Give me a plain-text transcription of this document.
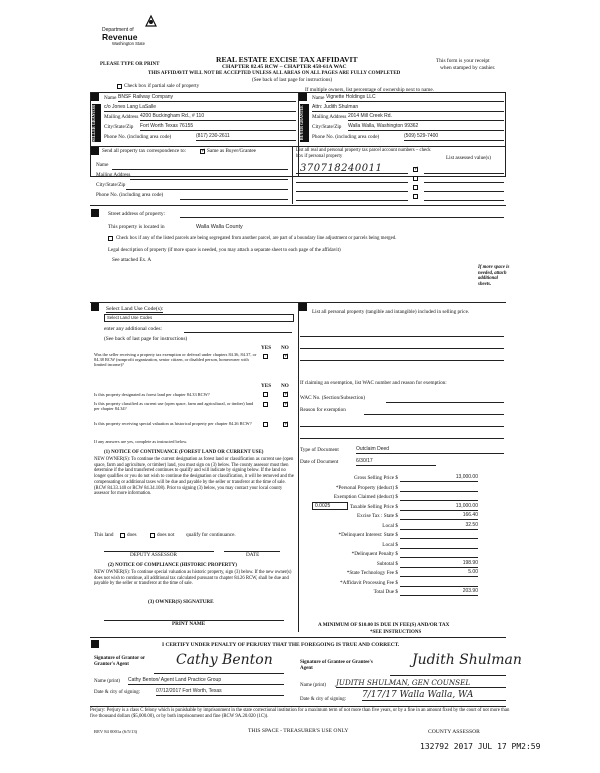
Department of
Revenue
Washington State
PLEASE TYPE OR PRINT
REAL ESTATE EXCISE TAX AFFIDAVIT
CHAPTER 82.45 RCW – CHAPTER 458-61A WAC
THIS AFFIDAVIT WILL NOT BE ACCEPTED UNLESS ALL AREAS ON ALL PAGES ARE FULLY COMPLETED
(See back of last page for instructions)
This form is your receipt
when stamped by cashier.
Check box if partial sale of property
If multiple owners, list percentage of ownership next to name.
SELLER GRANTOR	BUYER GRANTEE
Name BNSF Railway Company
c/o Jones Lang LaSalle
Mailing Address 4200 Buckingham Rd., # 110
City/State/Zip Fort Worth Texas 76155
Phone No. (including area code)	(817) 230-2611
Name Vignette Holdings LLC
Attn: Judith Shulman
Mailing Address 2014 Mill Creek Rd.
City/State/Zip Walla Walla, Washington 99362
Phone No. (including area code)	(509) 529-7400
Send all property tax correspondence to:
✓	Same as Buyer/Grantee
Name
Mailing Address
City/State/Zip
Phone No. (including area code)
List all real and personal property tax parcel account numbers – check box if personal property	List assessed value(s)
370718240011
✓
Street address of property:
This property is located in	Walla Walla County
Check box if any of the listed parcels are being segregated from another parcel, are part of a boundary line adjustment or parcels being merged.
Legal description of property (if more space is needed, you may attach a separate sheet to each page of the affidavit)
See attached Ex. A
If more space is needed, attach additional sheets.
Select Land Use Code(s):
Select Land Use Codes
enter any additional codes:
(See back of last page for instructions)
YES NO
Was the seller receiving a property tax exemption or deferral under chapters 84.36, 84.37, or 84.38 RCW (nonprofit organization, senior citizen, or disabled person, homeowner with limited income)?
✓
YES NO
Is this property designated as forest land per chapter 84.33 RCW?
✓
Is this property classified as current use (open space, farm and agricultural, or timber) land per chapter 84.34?
✓
Is this property receiving special valuation as historical property per chapter 84.26 RCW?
✓
If any answers are yes, complete as instructed below.
(1) NOTICE OF CONTINUANCE (FOREST LAND OR CURRENT USE)
NEW OWNER(S): To continue the current designation as forest land or classification as current use (open space, farm and agriculture, or timber) land, you must sign on (3) below. The county assessor must then determine if the land transferred continues to qualify and will indicate by signing below. If the land no longer qualifies or you do not wish to continue the designation or classification, it will be removed and the compensating or additional taxes will be due and payable by the seller or transferor at the time of sale. (RCW 84.33.140 or RCW 84.34.108). Prior to signing (3) below, you may contact your local county assessor for more information.
This land	does	does not qualify for continuance.
DEPUTY ASSESSOR	DATE
(2) NOTICE OF COMPLIANCE (HISTORIC PROPERTY)
NEW OWNER(S): To continue special valuation as historic property, sign (3) below. If the new owner(s) does not wish to continue, all additional tax calculated pursuant to chapter 84.26 RCW, shall be due and payable by the seller or transferor at the time of sale.
(3) OWNER(S) SIGNATURE
PRINT NAME
List all personal property (tangible and intangible) included in selling price.
If claiming an exemption, list WAC number and reason for exemption:
WAC No. (Section/Subsection)
Reason for exemption
Type of Document	Outclaim Deed
Date of Document	6/30/17
Gross Selling Price $	13,000.00
*Personal Property (deduct) $
Exemption Claimed (deduct) $
Taxable Selling Price $	13,000.00
Excise Tax : State $	166.40
Local $	32.50
*Delinquent Interest: State $
Local $
*Delinquent Penalty $
Subtotal $	198.90
*State Technology Fee $	5.00
*Affidavit Processing Fee $
Total Due $	203.90
0.0025
A MINIMUM OF $10.00 IS DUE IN FEE(S) AND/OR TAX
*SEE INSTRUCTIONS
I CERTIFY UNDER PENALTY OF PERJURY THAT THE FOREGOING IS TRUE AND CORRECT.
Signature of Grantor or Grantor's Agent	Cathy Benton	Signature of Grantee or Grantee's Agent
Judith Shulman
Name (print) Cathy Benton/ Agent Land Practice Group
Name (print) JUDITH SHULMAN, GEN COUNSEL
Date & city of signing:	07/12/2017 Fort Worth, Texas
Date & city of signing: 7/17/17 Walla Walla, WA
Perjury: Perjury is a class C felony which is punishable by imprisonment in the state correctional institution for a maximum term of not more than five years, or by a fine in an amount fixed by the court of not more than five thousand dollars ($5,000.00), or by both imprisonment and fine (RCW 9A.20.020 (1C)).
REV 84 0001a (6/5/13)	THIS SPACE - TREASURER'S USE ONLY	COUNTY ASSESSOR
132792 2017 JUL 17 PM2:59
